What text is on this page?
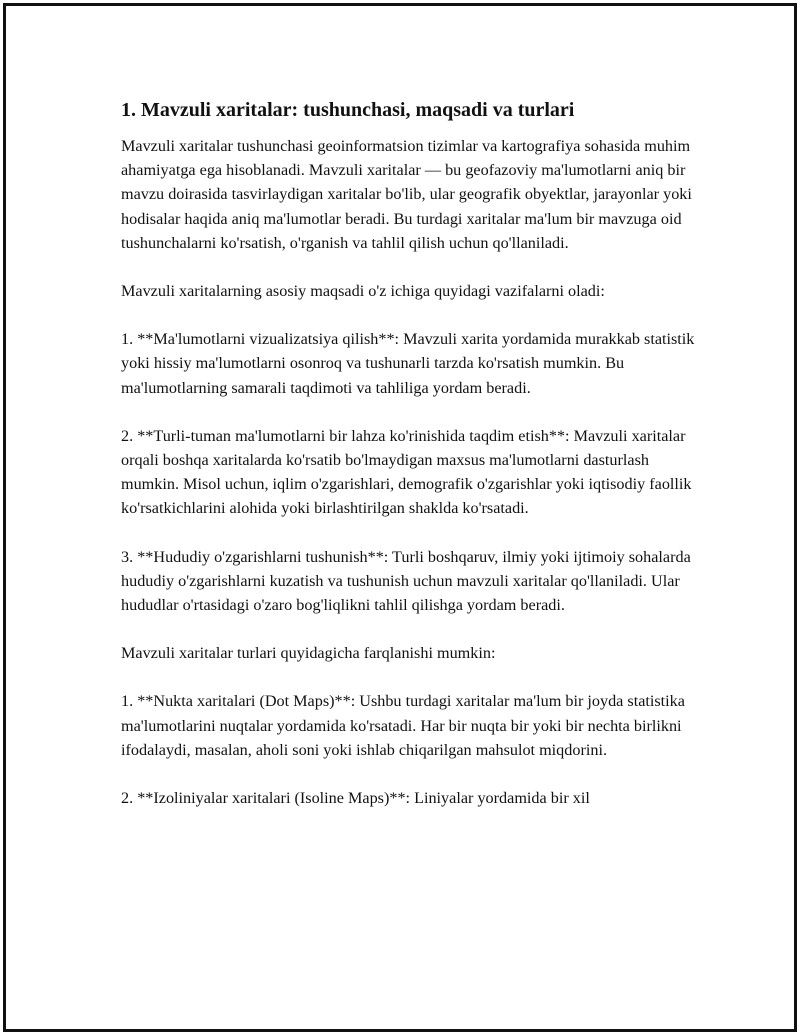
1. Mavzuli xaritalar: tushunchasi, maqsadi va turlari

Mavzuli xaritalar tushunchasi geoinformatsion tizimlar va kartografiya sohasida muhim ahamiyatga ega hisoblanadi. Mavzuli xaritalar — bu geofazoviy ma'lumotlarni aniq bir mavzu doirasida tasvirlaydigan xaritalar bo'lib, ular geografik obyektlar, jarayonlar yoki hodisalar haqida aniq ma'lumotlar beradi. Bu turdagi xaritalar ma'lum bir mavzuga oid tushunchalarni ko'rsatish, o'rganish va tahlil qilish uchun qo'llaniladi.

Mavzuli xaritalarning asosiy maqsadi o'z ichiga quyidagi vazifalarni oladi:

1. **Ma'lumotlarni vizualizatsiya qilish**: Mavzuli xarita yordamida murakkab statistik yoki hissiy ma'lumotlarni osonroq va tushunarli tarzda ko'rsatish mumkin. Bu ma'lumotlarning samarali taqdimoti va tahliliga yordam beradi.

2. **Turli-tuman ma'lumotlarni bir lahza ko'rinishida taqdim etish**: Mavzuli xaritalar orqali boshqa xaritalarda ko'rsatib bo'lmaydigan maxsus ma'lumotlarni dasturlash mumkin. Misol uchun, iqlim o'zgarishlari, demografik o'zgarishlar yoki iqtisodiy faollik ko'rsatkichlarini alohida yoki birlashtirilgan shaklda ko'rsatadi.

3. **Hududiy o'zgarishlarni tushunish**: Turli boshqaruv, ilmiy yoki ijtimoiy sohalarda hududiy o'zgarishlarni kuzatish va tushunish uchun mavzuli xaritalar qo'llaniladi. Ular hududlar o'rtasidagi o'zaro bog'liqlikni tahlil qilishga yordam beradi.

Mavzuli xaritalar turlari quyidagicha farqlanishi mumkin:

1. **Nukta xaritalari (Dot Maps)**: Ushbu turdagi xaritalar ma'lum bir joyda statistika ma'lumotlarini nuqtalar yordamida ko'rsatadi. Har bir nuqta bir yoki bir nechta birlikni ifodalaydi, masalan, aholi soni yoki ishlab chiqarilgan mahsulot miqdorini.

2. **Izoliniyalar xaritalari (Isoline Maps)**: Liniyalar yordamida bir xil
